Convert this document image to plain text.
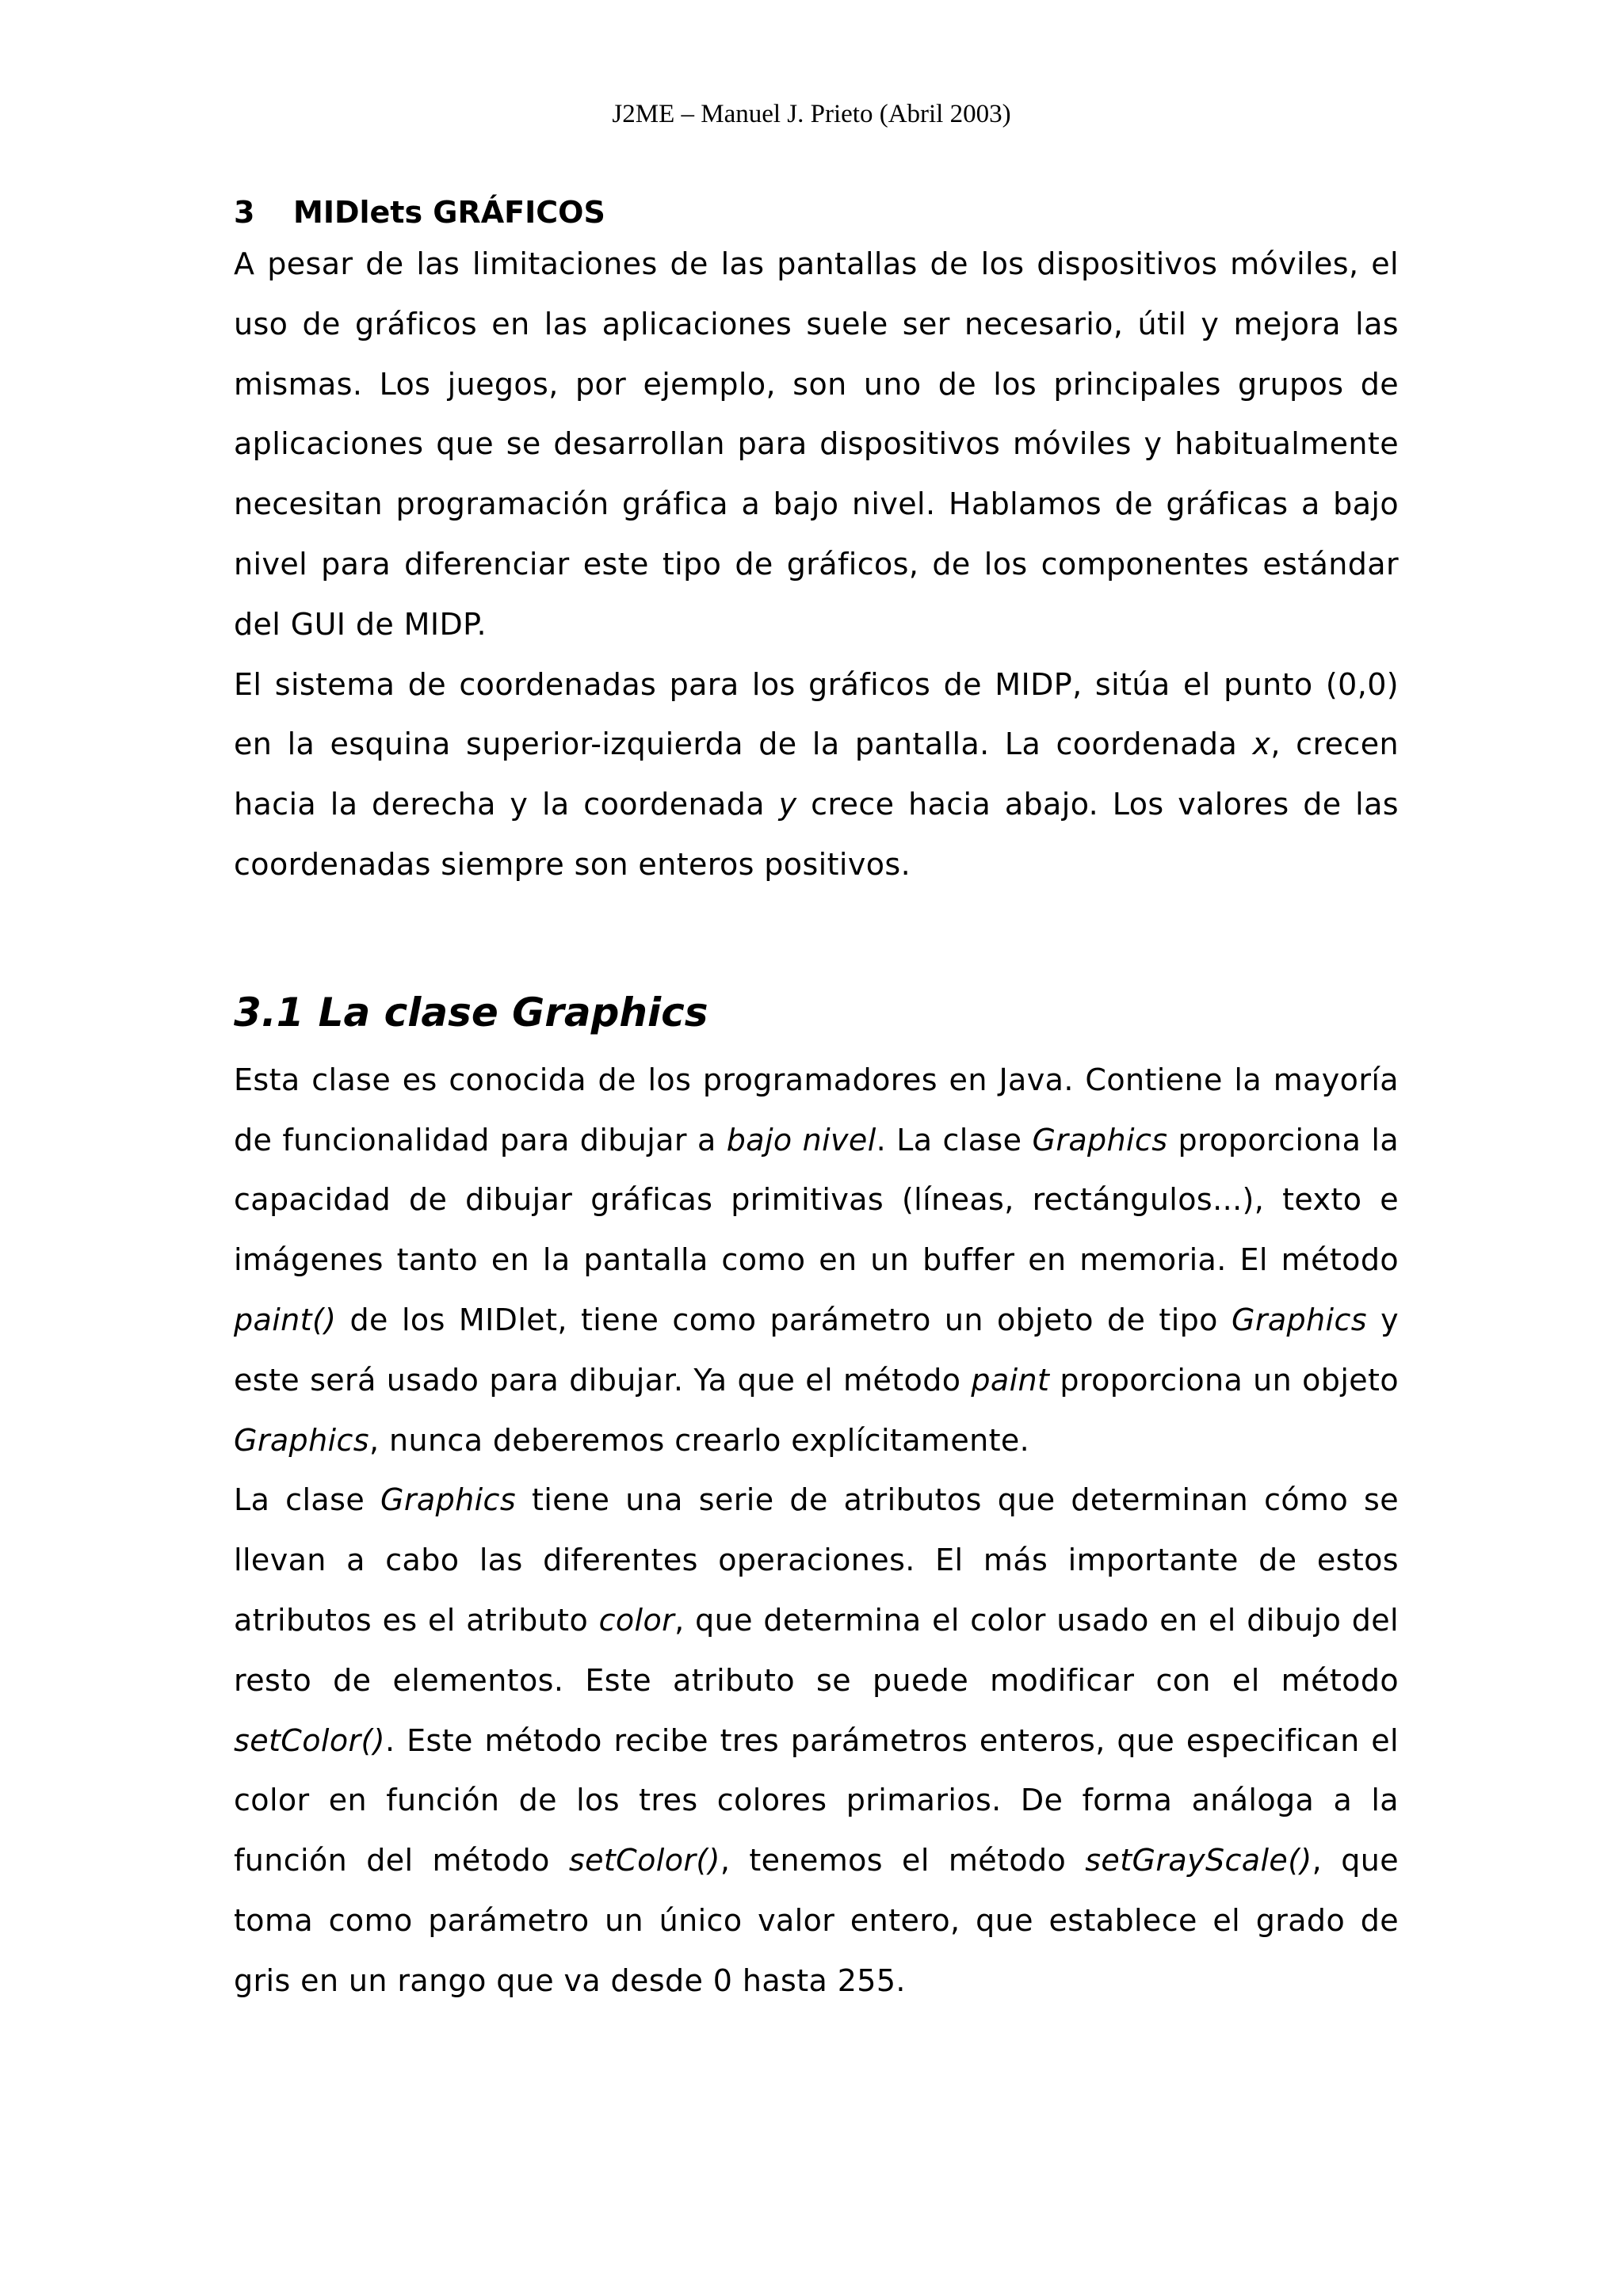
J2ME – Manuel J. Prieto (Abril 2003)
3 MIDlets GRÁFICOS

A pesar de las limitaciones de las pantallas de los dispositivos móviles, el uso de gráficos en las aplicaciones suele ser necesario, útil y mejora las mismas. Los juegos, por ejemplo, son uno de los principales grupos de aplicaciones que se desarrollan para dispositivos móviles y habitualmente necesitan programación gráfica a bajo nivel. Hablamos de gráficas a bajo nivel para diferenciar este tipo de gráficos, de los componentes estándar del GUI de MIDP.

El sistema de coordenadas para los gráficos de MIDP, sitúa el punto (0,0) en la esquina superior-izquierda de la pantalla. La coordenada x, crecen hacia la derecha y la coordenada y crece hacia abajo. Los valores de las coordenadas siempre son enteros positivos.

3.1 La clase Graphics

Esta clase es conocida de los programadores en Java. Contiene la mayoría de funcionalidad para dibujar a bajo nivel. La clase Graphics proporciona la capacidad de dibujar gráficas primitivas (líneas, rectángulos...), texto e imágenes tanto en la pantalla como en un buffer en memoria. El método paint() de los MIDlet, tiene como parámetro un objeto de tipo Graphics y este será usado para dibujar. Ya que el método paint proporciona un objeto Graphics, nunca deberemos crearlo explícitamente.

La clase Graphics tiene una serie de atributos que determinan cómo se llevan a cabo las diferentes operaciones. El más importante de estos atributos es el atributo color, que determina el color usado en el dibujo del resto de elementos. Este atributo se puede modificar con el método setColor(). Este método recibe tres parámetros enteros, que especifican el color en función de los tres colores primarios. De forma análoga a la función del método setColor(), tenemos el método setGrayScale(), que toma como parámetro un único valor entero, que establece el grado de gris en un rango que va desde 0 hasta 255.
